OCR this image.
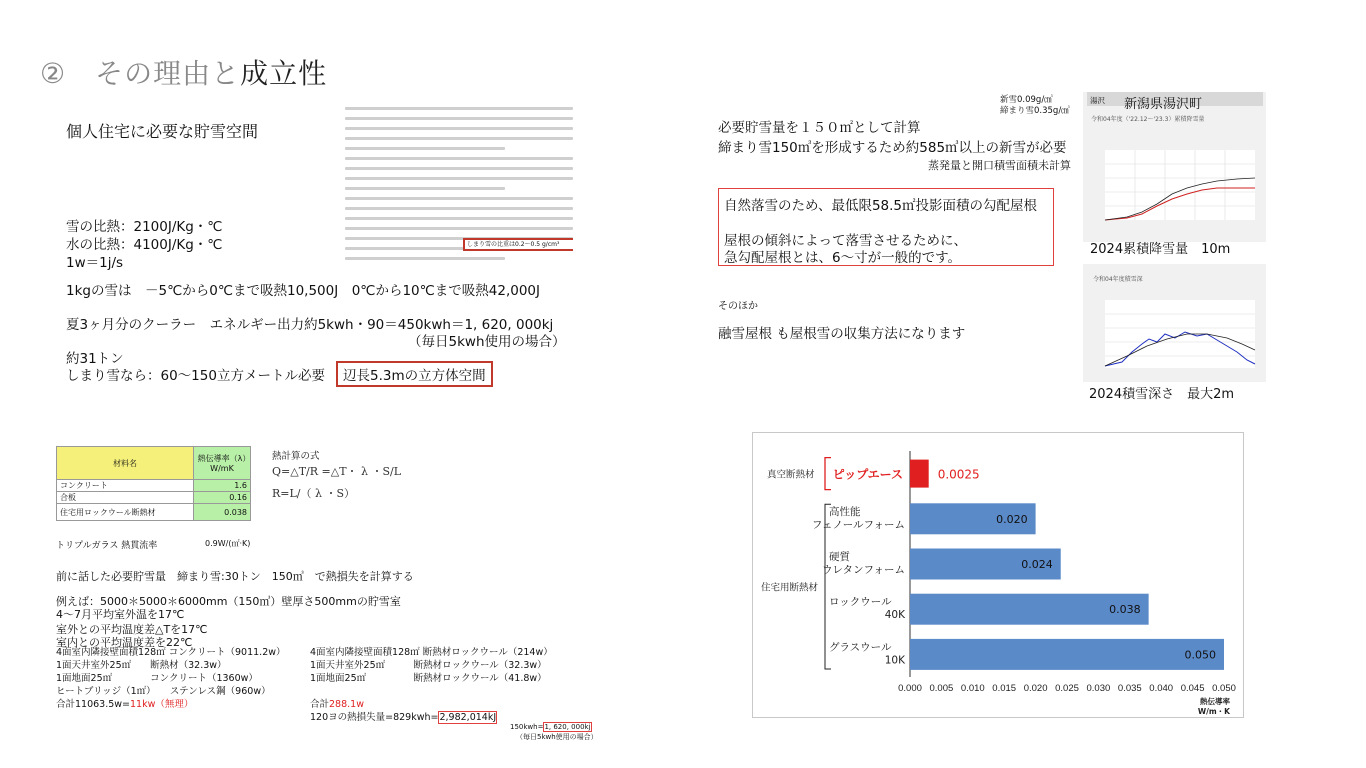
②　その理由と成立性
個人住宅に必要な貯雪空間
しまり雪の比重は0.2～0.5 g/cm³
雪の比熱：2100J/Kg・℃
水の比熱：4100J/Kg・℃
1w＝1j/s
1kgの雪は　－5℃から0℃まで吸熱10,500J　0℃から10℃まで吸熱42,000J
夏3ヶ月分のクーラー　エネルギー出力約5kwh・90＝450kwh＝1, 620, 000kj
（毎日5kwh使用の場合）
約31トン
しまり雪なら：60～150立方メートル必要	辺長5.3mの立方体空間
新雪0.09g/㎤
締まり雪0.35g/㎤
必要貯雪量を１５０㎡として計算
締まり雪150㎥を形成するため約585㎥以上の新雪が必要
蒸発量と開口積雪面積未計算
自然落雪のため、最低限58.5㎡投影面積の勾配屋根
屋根の傾斜によって落雪させるために、
急勾配屋根とは、6～寸が一般的です。
そのほか
融雪屋根 も屋根雪の収集方法になります
湯沢 新潟県湯沢町
令和04年度（'22.12～'23.3）累積降雪量
2024累積降雪量　10m
令和04年度積雪深
2024積雪深さ　最大2m
材料名	熱伝導率（λ）W/mK
コンクリート	1.6
合板	0.16
住宅用ロックウール断熱材	0.038
熱計算の式
Q=△T/R =△T・ λ ・S/L
R=L/（ λ ・S）
トリプルガラス 熱貫流率	0.9W/(㎡·K)
前に話した必要貯雪量　締まり雪:30トン　150㎥　で熱損失を計算する
例えば：5000＊5000＊6000mm（150㎥）壁厚さ500mmの貯雪室
4～7月平均室外温を17℃
室外との平均温度差△Tを17℃
室内との平均温度差を22℃
4面室内隣接壁面積128㎡ コンクリート（9011.2w）
1面天井室外25㎡　　断熱材（32.3w）
1面地面25㎡　　　　コンクリート（1360w）
ヒートブリッジ（1㎡）　　ステンレス鋼（960w）
合計11063.5w=11kw（無理）
4面室内隣接壁面積128㎡ 断熱材ロックウール（214w）
1面天井室外25㎡　　　断熱材ロックウール（32.3w）
1面地面25㎡　　　　　断熱材ロックウール（41.8w）
合計288.1w
120ヨの熱損失量=829kwh=2,982,014kJ
150kwh=1, 620, 000kj
（毎日5kwh使用の場合）
0.000 0.005 0.010 0.015 0.020 0.025 0.030 0.035 0.040 0.045 0.050
熱伝導率
W/m・K
0.0025
ピップエース
0.020
高性能
フェノールフォーム
0.024
硬質
ウレタンフォーム
0.038
ロックウール
40K
0.050
グラスウール
10K
真空断熱材
住宅用断熱材
